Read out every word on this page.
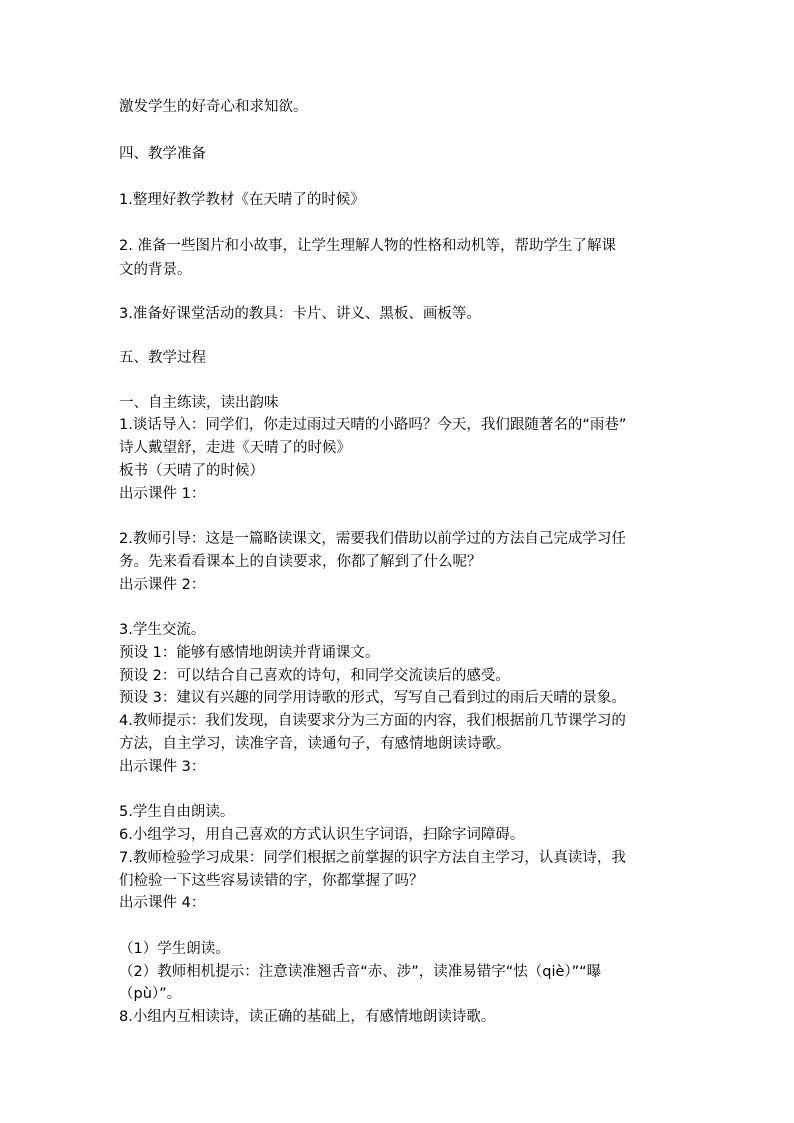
激发学生的好奇心和求知欲。
四、教学准备
1.整理好教学教材《在天晴了的时候》
2. 准备一些图片和小故事，让学生理解人物的性格和动机等，帮助学生了解课
文的背景。
3.准备好课堂活动的教具：卡片、讲义、黑板、画板等。
五、教学过程
一、自主练读，读出韵味
1.谈话导入：同学们，你走过雨过天晴的小路吗？今天，我们跟随著名的“雨巷”
诗人戴望舒，走进《天晴了的时候》
板书（天晴了的时候）
出示课件 1：
2.教师引导：这是一篇略读课文，需要我们借助以前学过的方法自己完成学习任
务。先来看看课本上的自读要求，你都了解到了什么呢？
出示课件 2：
3.学生交流。
预设 1：能够有感情地朗读并背诵课文。
预设 2：可以结合自己喜欢的诗句，和同学交流读后的感受。
预设 3：建议有兴趣的同学用诗歌的形式，写写自己看到过的雨后天晴的景象。
4.教师提示：我们发现，自读要求分为三方面的内容，我们根据前几节课学习的
方法，自主学习，读准字音，读通句子，有感情地朗读诗歌。
出示课件 3：
5.学生自由朗读。
6.小组学习，用自己喜欢的方式认识生字词语，扫除字词障碍。
7.教师检验学习成果：同学们根据之前掌握的识字方法自主学习，认真读诗，我
们检验一下这些容易读错的字，你都掌握了吗？
出示课件 4：
（1）学生朗读。
（2）教师相机提示：注意读准翘舌音“赤、涉”，读准易错字“怯（qiè）”“曝
（pù）”。
8.小组内互相读诗，读正确的基础上，有感情地朗读诗歌。
